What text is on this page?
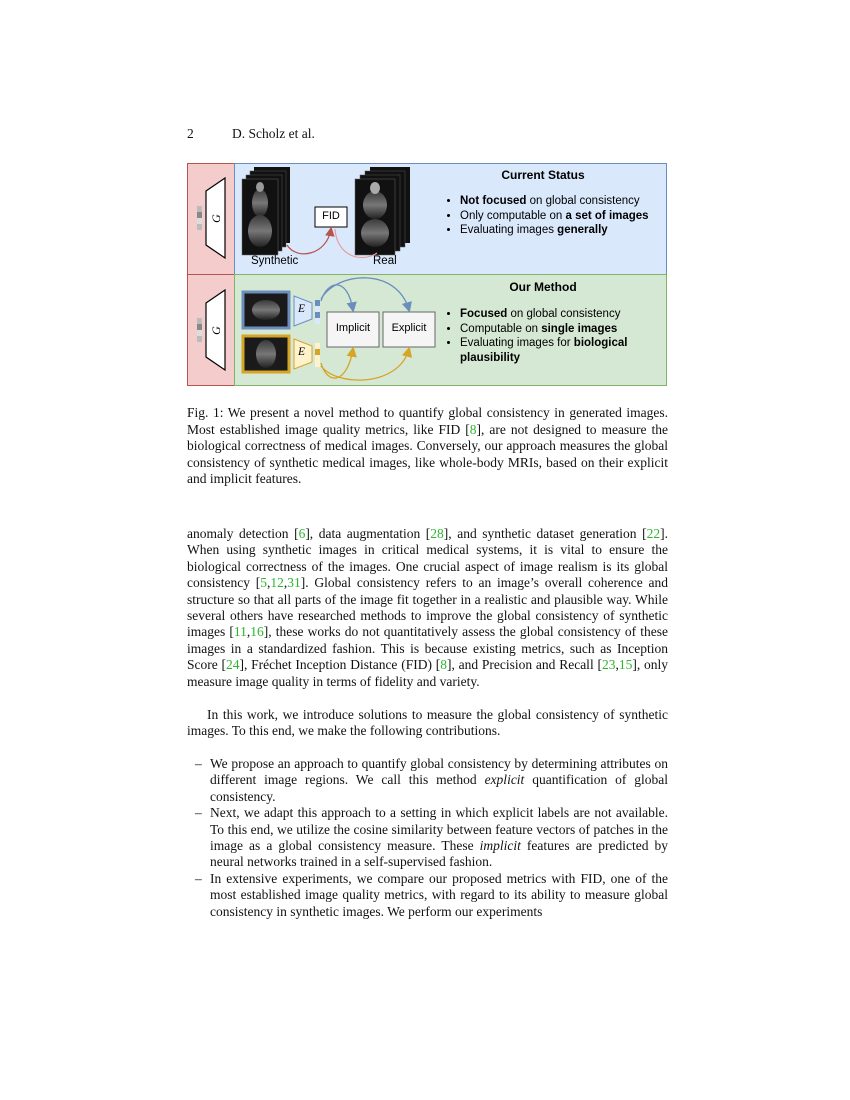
2	D. Scholz et al.
G
G
E
E
FID
Synthetic	Real
Implicit	Explicit
Current Status
• Not focused on global consistency
• Only computable on a set of images
• Evaluating images generally
Our Method
• Focused on global consistency
• Computable on single images
• Evaluating images for biological plausibility
Fig. 1: We present a novel method to quantify global consistency in generated images. Most established image quality metrics, like FID [8], are not designed to measure the biological correctness of medical images. Conversely, our approach measures the global consistency of synthetic medical images, like whole-body MRIs, based on their explicit and implicit features.
anomaly detection [6], data augmentation [28], and synthetic dataset generation [22]. When using synthetic images in critical medical systems, it is vital to ensure the biological correctness of the images. One crucial aspect of image realism is its global consistency [5,12,31]. Global consistency refers to an image’s overall coherence and structure so that all parts of the image fit together in a realistic and plausible way. While several others have researched methods to improve the global consistency of synthetic images [11,16], these works do not quantitatively assess the global consistency of these images in a standardized fashion. This is because existing metrics, such as Inception Score [24], Fréchet Inception Distance (FID) [8], and Precision and Recall [23,15], only measure image quality in terms of fidelity and variety.
In this work, we introduce solutions to measure the global consistency of synthetic images. To this end, we make the following contributions.
– We propose an approach to quantify global consistency by determining attributes on different image regions. We call this method explicit quantification of global consistency.
– Next, we adapt this approach to a setting in which explicit labels are not available. To this end, we utilize the cosine similarity between feature vectors of patches in the image as a global consistency measure. These implicit features are predicted by neural networks trained in a self-supervised fashion.
– In extensive experiments, we compare our proposed metrics with FID, one of the most established image quality metrics, with regard to its ability to measure global consistency in synthetic images. We perform our experiments
